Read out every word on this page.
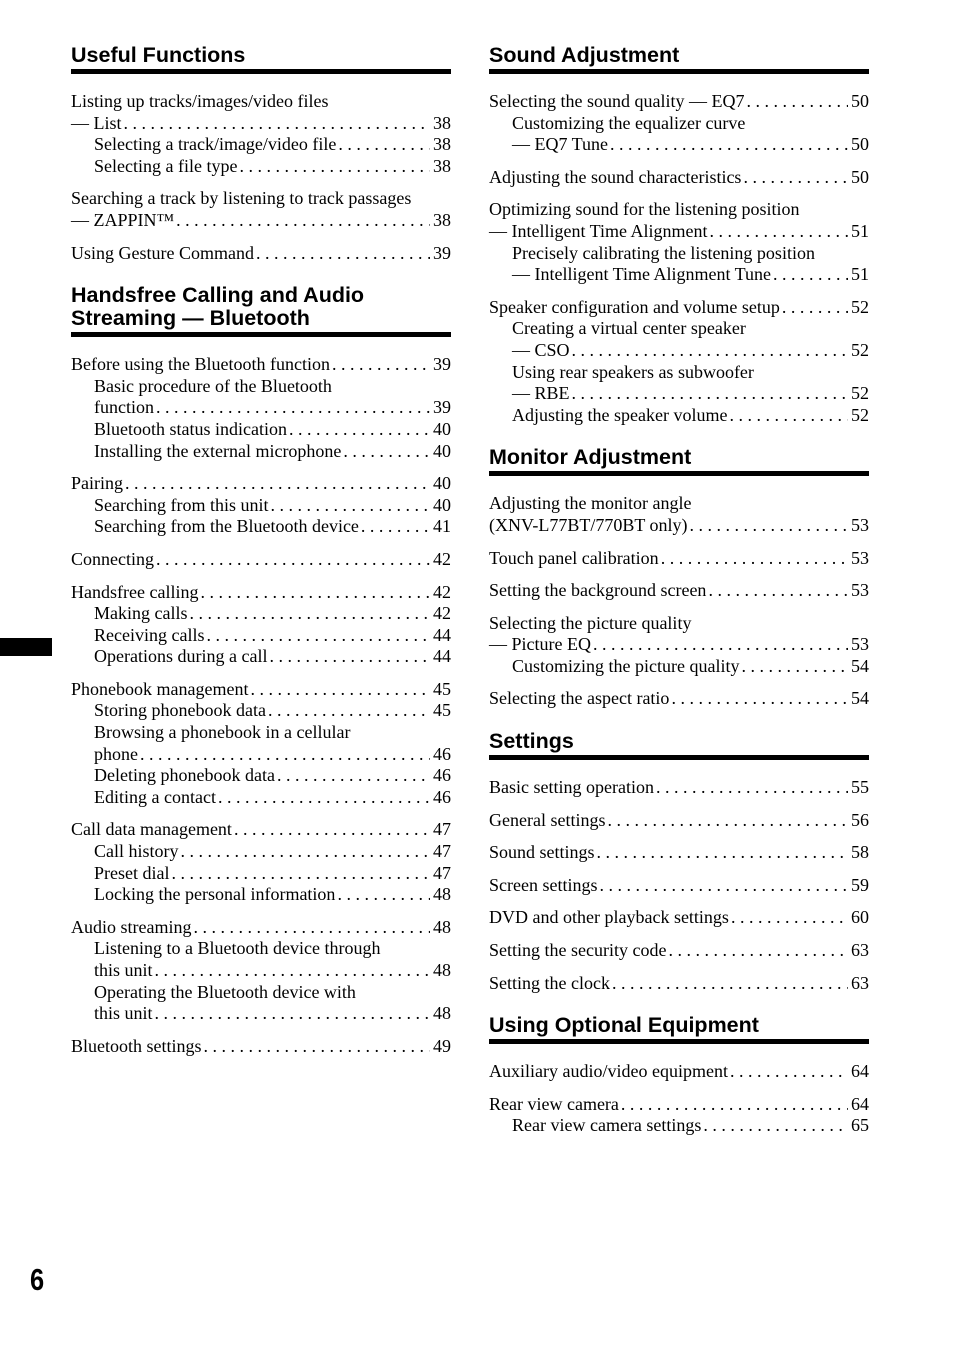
Useful Functions
Listing up tracks/images/video files
— List . . .	38
Selecting a track/image/video file . . .	38
Selecting a file type . . .	38
Searching a track by listening to track passages
— ZAPPIN™ . . .	38
Using Gesture Command . . .	39
Handsfree Calling and Audio
Streaming — Bluetooth
Before using the Bluetooth function . . .	39
Basic procedure of the Bluetooth
function . . .	39
Bluetooth status indication . . .	40
Installing the external microphone . . .	40
Pairing . . .	40
Searching from this unit . . .	40
Searching from the Bluetooth device . . .	41
Connecting . . .	42
Handsfree calling . . .	42
Making calls . . .	42
Receiving calls . . .	44
Operations during a call . . .	44
Phonebook management . . .	45
Storing phonebook data . . .	45
Browsing a phonebook in a cellular
phone . . .	46
Deleting phonebook data . . .	46
Editing a contact . . .	46
Call data management . . .	47
Call history . . .	47
Preset dial . . .	47
Locking the personal information . . .	48
Audio streaming . . .	48
Listening to a Bluetooth device through
this unit . . .	48
Operating the Bluetooth device with
this unit . . .	48
Bluetooth settings . . .	49
Sound Adjustment
Selecting the sound quality — EQ7 . . .	50
Customizing the equalizer curve
— EQ7 Tune . . .	50
Adjusting the sound characteristics . . .	50
Optimizing sound for the listening position
— Intelligent Time Alignment . . .	51
Precisely calibrating the listening position
— Intelligent Time Alignment Tune . . .	51
Speaker configuration and volume setup . . .	52
Creating a virtual center speaker
— CSO . . .	52
Using rear speakers as subwoofer
— RBE . . .	52
Adjusting the speaker volume . . .	52
Monitor Adjustment
Adjusting the monitor angle
(XNV-L77BT/770BT only) . . .	53
Touch panel calibration . . .	53
Setting the background screen . . .	53
Selecting the picture quality
— Picture EQ . . .	53
Customizing the picture quality . . .	54
Selecting the aspect ratio . . .	54
Settings
Basic setting operation . . .	55
General settings . . .	56
Sound settings . . .	58
Screen settings . . .	59
DVD and other playback settings . . .	60
Setting the security code . . .	63
Setting the clock . . .	63
Using Optional Equipment
Auxiliary audio/video equipment . . .	64
Rear view camera . . .	64
Rear view camera settings . . .	65
6
